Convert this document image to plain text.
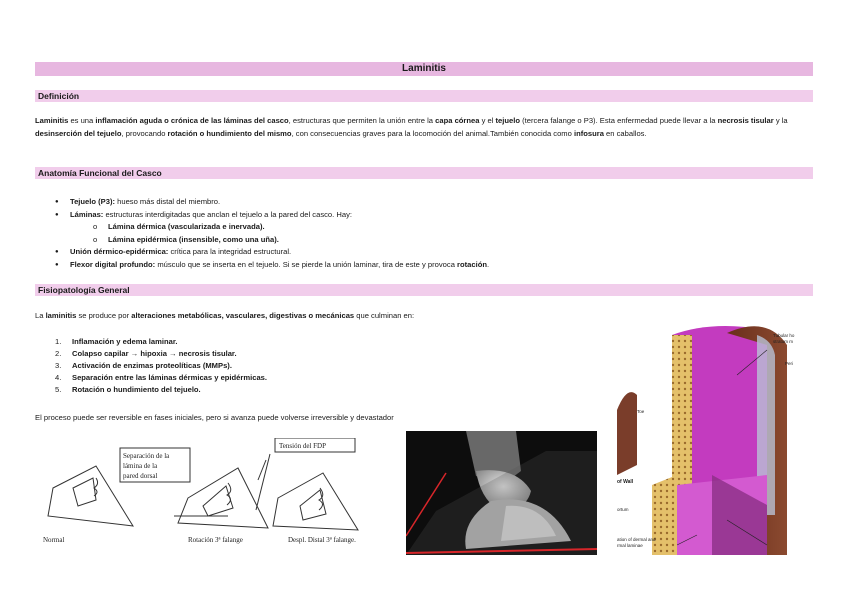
Laminitis
Definición
Laminitis es una inflamación aguda o crónica de las láminas del casco, estructuras que permiten la unión entre la capa córnea y el tejuelo (tercera falange o P3). Esta enfermedad puede llevar a la necrosis tisular y la desinserción del tejuelo, provocando rotación o hundimiento del mismo, con consecuencias graves para la locomoción del animal.También conocida como infosura en caballos.
Anatomía Funcional del Casco
● Tejuelo (P3): hueso más distal del miembro.
● Láminas: estructuras interdigitadas que anclan el tejuelo a la pared del casco. Hay:
o Lámina dérmica (vascularizada e inervada).
o Lámina epidérmica (insensible, como una uña).
● Unión dérmico-epidérmica: crítica para la integridad estructural.
● Flexor digital profundo: músculo que se inserta en el tejuelo. Si se pierde la unión laminar, tira de este y provoca rotación.
Fisiopatología General
La laminitis se produce por alteraciones metabólicas, vasculares, digestivas o mecánicas que culminan en:
1. Inflamación y edema laminar.
2. Colapso capilar → hipoxia → necrosis tisular.
3. Activación de enzimas proteolíticas (MMPs).
4. Separación entre las láminas dérmicas y epidérmicas.
5. Rotación o hundimiento del tejuelo.
El proceso puede ser reversible en fases iniciales, pero si avanza puede volverse irreversible y devastador
Separación de la
lámina de la
pared dorsal
Tensión del FDP
Normal	Rotación 3ª falange	Despl. Distal 3ª falange.
Tubular ho
stratum m
Peri
Toe
of Wall
ortum
ation of dermal and
rmal laminae
